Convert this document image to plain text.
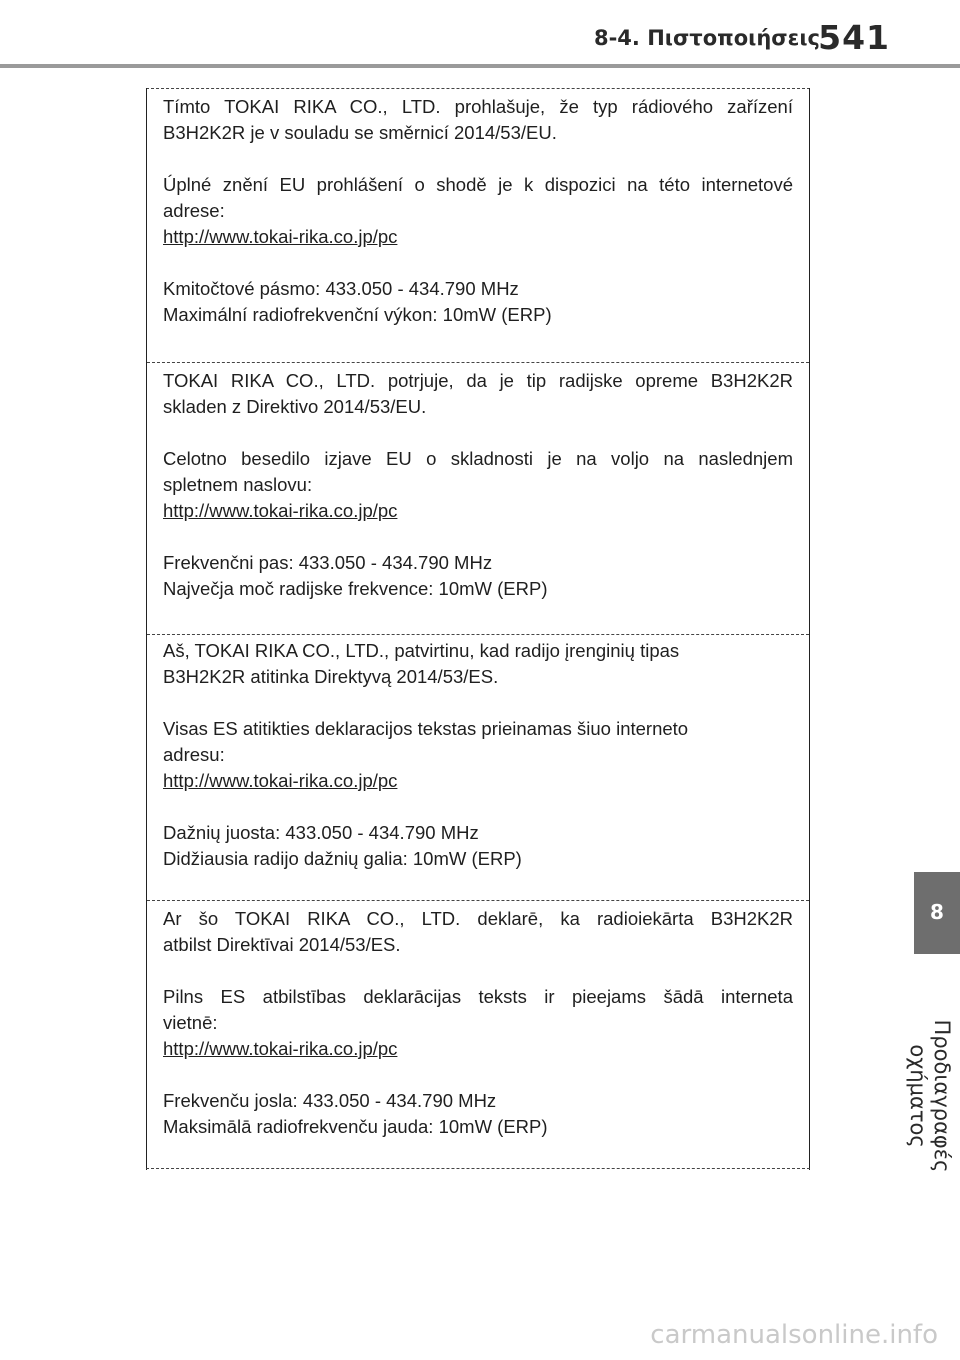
8-4. Πιστοποιήσεις
541
Tímto TOKAI RIKA CO., LTD. prohlašuje, že typ rádiového zařízení
B3H2K2R je v souladu se směrnicí 2014/53/EU.
Úplné znění EU prohlášení o shodě je k dispozici na této internetové
adrese:
http://www.tokai-rika.co.jp/pc
Kmitočtové pásmo: 433.050 - 434.790 MHz
Maximální radiofrekvenční výkon: 10mW (ERP)
TOKAI RIKA CO., LTD. potrjuje, da je tip radijske opreme B3H2K2R
skladen z Direktivo 2014/53/EU.
Celotno besedilo izjave EU o skladnosti je na voljo na naslednjem
spletnem naslovu:
http://www.tokai-rika.co.jp/pc
Frekvenčni pas: 433.050 - 434.790 MHz
Največja moč radijske frekvence: 10mW (ERP)
Aš, TOKAI RIKA CO., LTD., patvirtinu, kad radijo įrenginių tipas
B3H2K2R atitinka Direktyvą 2014/53/ES.
Visas ES atitikties deklaracijos tekstas prieinamas šiuo interneto
adresu:
http://www.tokai-rika.co.jp/pc
Dažnių juosta: 433.050 - 434.790 MHz
Didžiausia radijo dažnių galia: 10mW (ERP)
Ar šo TOKAI RIKA CO., LTD. deklarē, ka radioiekārta B3H2K2R
atbilst Direktīvai 2014/53/ES.
Pilns ES atbilstības deklarācijas teksts ir pieejams šādā interneta
vietnē:
http://www.tokai-rika.co.jp/pc
Frekvenču josla: 433.050 - 434.790 MHz
Maksimālā radiofrekvenču jauda: 10mW (ERP)
8
Προδιαγραφές οχήματος
carmanualsonline.info
